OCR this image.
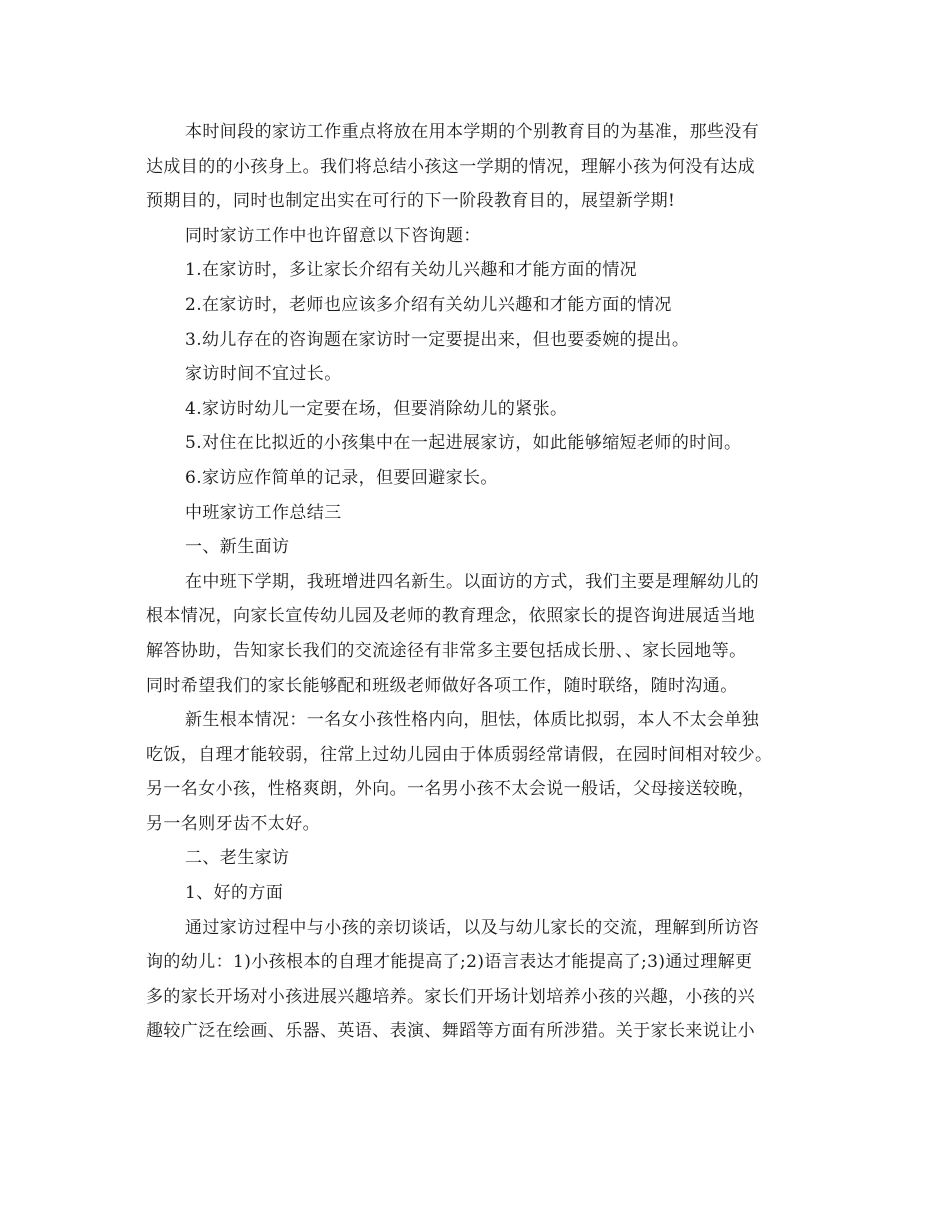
本时间段的家访工作重点将放在用本学期的个别教育目的为基准，那些没有

达成目的的小孩身上。我们将总结小孩这一学期的情况，理解小孩为何没有达成

预期目的，同时也制定出实在可行的下一阶段教育目的，展望新学期!

同时家访工作中也许留意以下咨询题：

1.在家访时，多让家长介绍有关幼儿兴趣和才能方面的情况

2.在家访时，老师也应该多介绍有关幼儿兴趣和才能方面的情况

3.幼儿存在的咨询题在家访时一定要提出来，但也要委婉的提出。

家访时间不宜过长。

4.家访时幼儿一定要在场，但要消除幼儿的紧张。

5.对住在比拟近的小孩集中在一起进展家访，如此能够缩短老师的时间。

6.家访应作简单的记录，但要回避家长。

中班家访工作总结三

一、新生面访

在中班下学期，我班增进四名新生。以面访的方式，我们主要是理解幼儿的

根本情况，向家长宣传幼儿园及老师的教育理念，依照家长的提咨询进展适当地

解答协助，告知家长我们的交流途径有非常多主要包括成长册、、家长园地等。

同时希望我们的家长能够配和班级老师做好各项工作，随时联络，随时沟通。

新生根本情况：一名女小孩性格内向，胆怯，体质比拟弱，本人不太会单独

吃饭，自理才能较弱，往常上过幼儿园由于体质弱经常请假，在园时间相对较少。

另一名女小孩，性格爽朗，外向。一名男小孩不太会说一般话，父母接送较晚，

另一名则牙齿不太好。

二、老生家访

1、好的方面

通过家访过程中与小孩的亲切谈话，以及与幼儿家长的交流，理解到所访咨

询的幼儿：1)小孩根本的自理才能提高了;2)语言表达才能提高了;3)通过理解更

多的家长开场对小孩进展兴趣培养。家长们开场计划培养小孩的兴趣，小孩的兴

趣较广泛在绘画、乐器、英语、表演、舞蹈等方面有所涉猎。关于家长来说让小
